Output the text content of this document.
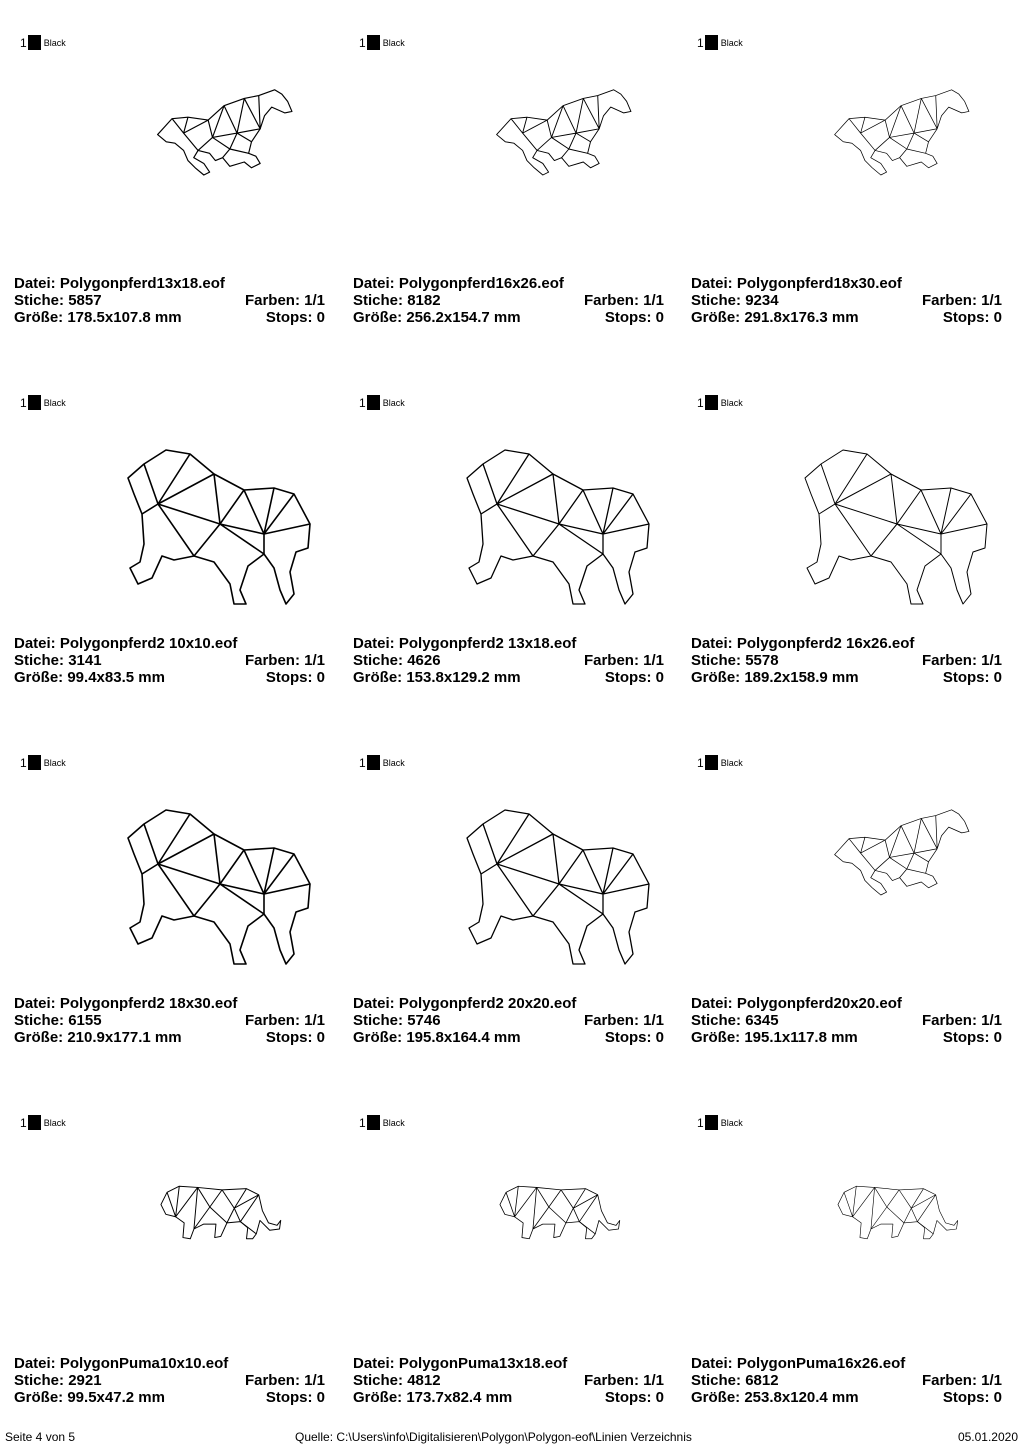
1 Black
Datei: Polygonpferd13x18.eof
Stiche: 5857	Farben: 1/1
Größe: 178.5x107.8 mm	Stops: 0
1 Black
Datei: Polygonpferd16x26.eof
Stiche: 8182	Farben: 1/1
Größe: 256.2x154.7 mm	Stops: 0
1 Black
Datei: Polygonpferd18x30.eof
Stiche: 9234	Farben: 1/1
Größe: 291.8x176.3 mm	Stops: 0
1 Black
Datei: Polygonpferd2 10x10.eof
Stiche: 3141	Farben: 1/1
Größe: 99.4x83.5 mm	Stops: 0
1 Black
Datei: Polygonpferd2 13x18.eof
Stiche: 4626	Farben: 1/1
Größe: 153.8x129.2 mm	Stops: 0
1 Black
Datei: Polygonpferd2 16x26.eof
Stiche: 5578	Farben: 1/1
Größe: 189.2x158.9 mm	Stops: 0
1 Black
Datei: Polygonpferd2 18x30.eof
Stiche: 6155	Farben: 1/1
Größe: 210.9x177.1 mm	Stops: 0
1 Black
Datei: Polygonpferd2 20x20.eof
Stiche: 5746	Farben: 1/1
Größe: 195.8x164.4 mm	Stops: 0
1 Black
Datei: Polygonpferd20x20.eof
Stiche: 6345	Farben: 1/1
Größe: 195.1x117.8 mm	Stops: 0
1 Black
Datei: PolygonPuma10x10.eof
Stiche: 2921	Farben: 1/1
Größe: 99.5x47.2 mm	Stops: 0
1 Black
Datei: PolygonPuma13x18.eof
Stiche: 4812	Farben: 1/1
Größe: 173.7x82.4 mm	Stops: 0
1 Black
Datei: PolygonPuma16x26.eof
Stiche: 6812	Farben: 1/1
Größe: 253.8x120.4 mm	Stops: 0
Seite 4 von 5	Quelle: C:\Users\info\Digitalisieren\Polygon\Polygon-eof\Linien Verzeichnis	05.01.2020
